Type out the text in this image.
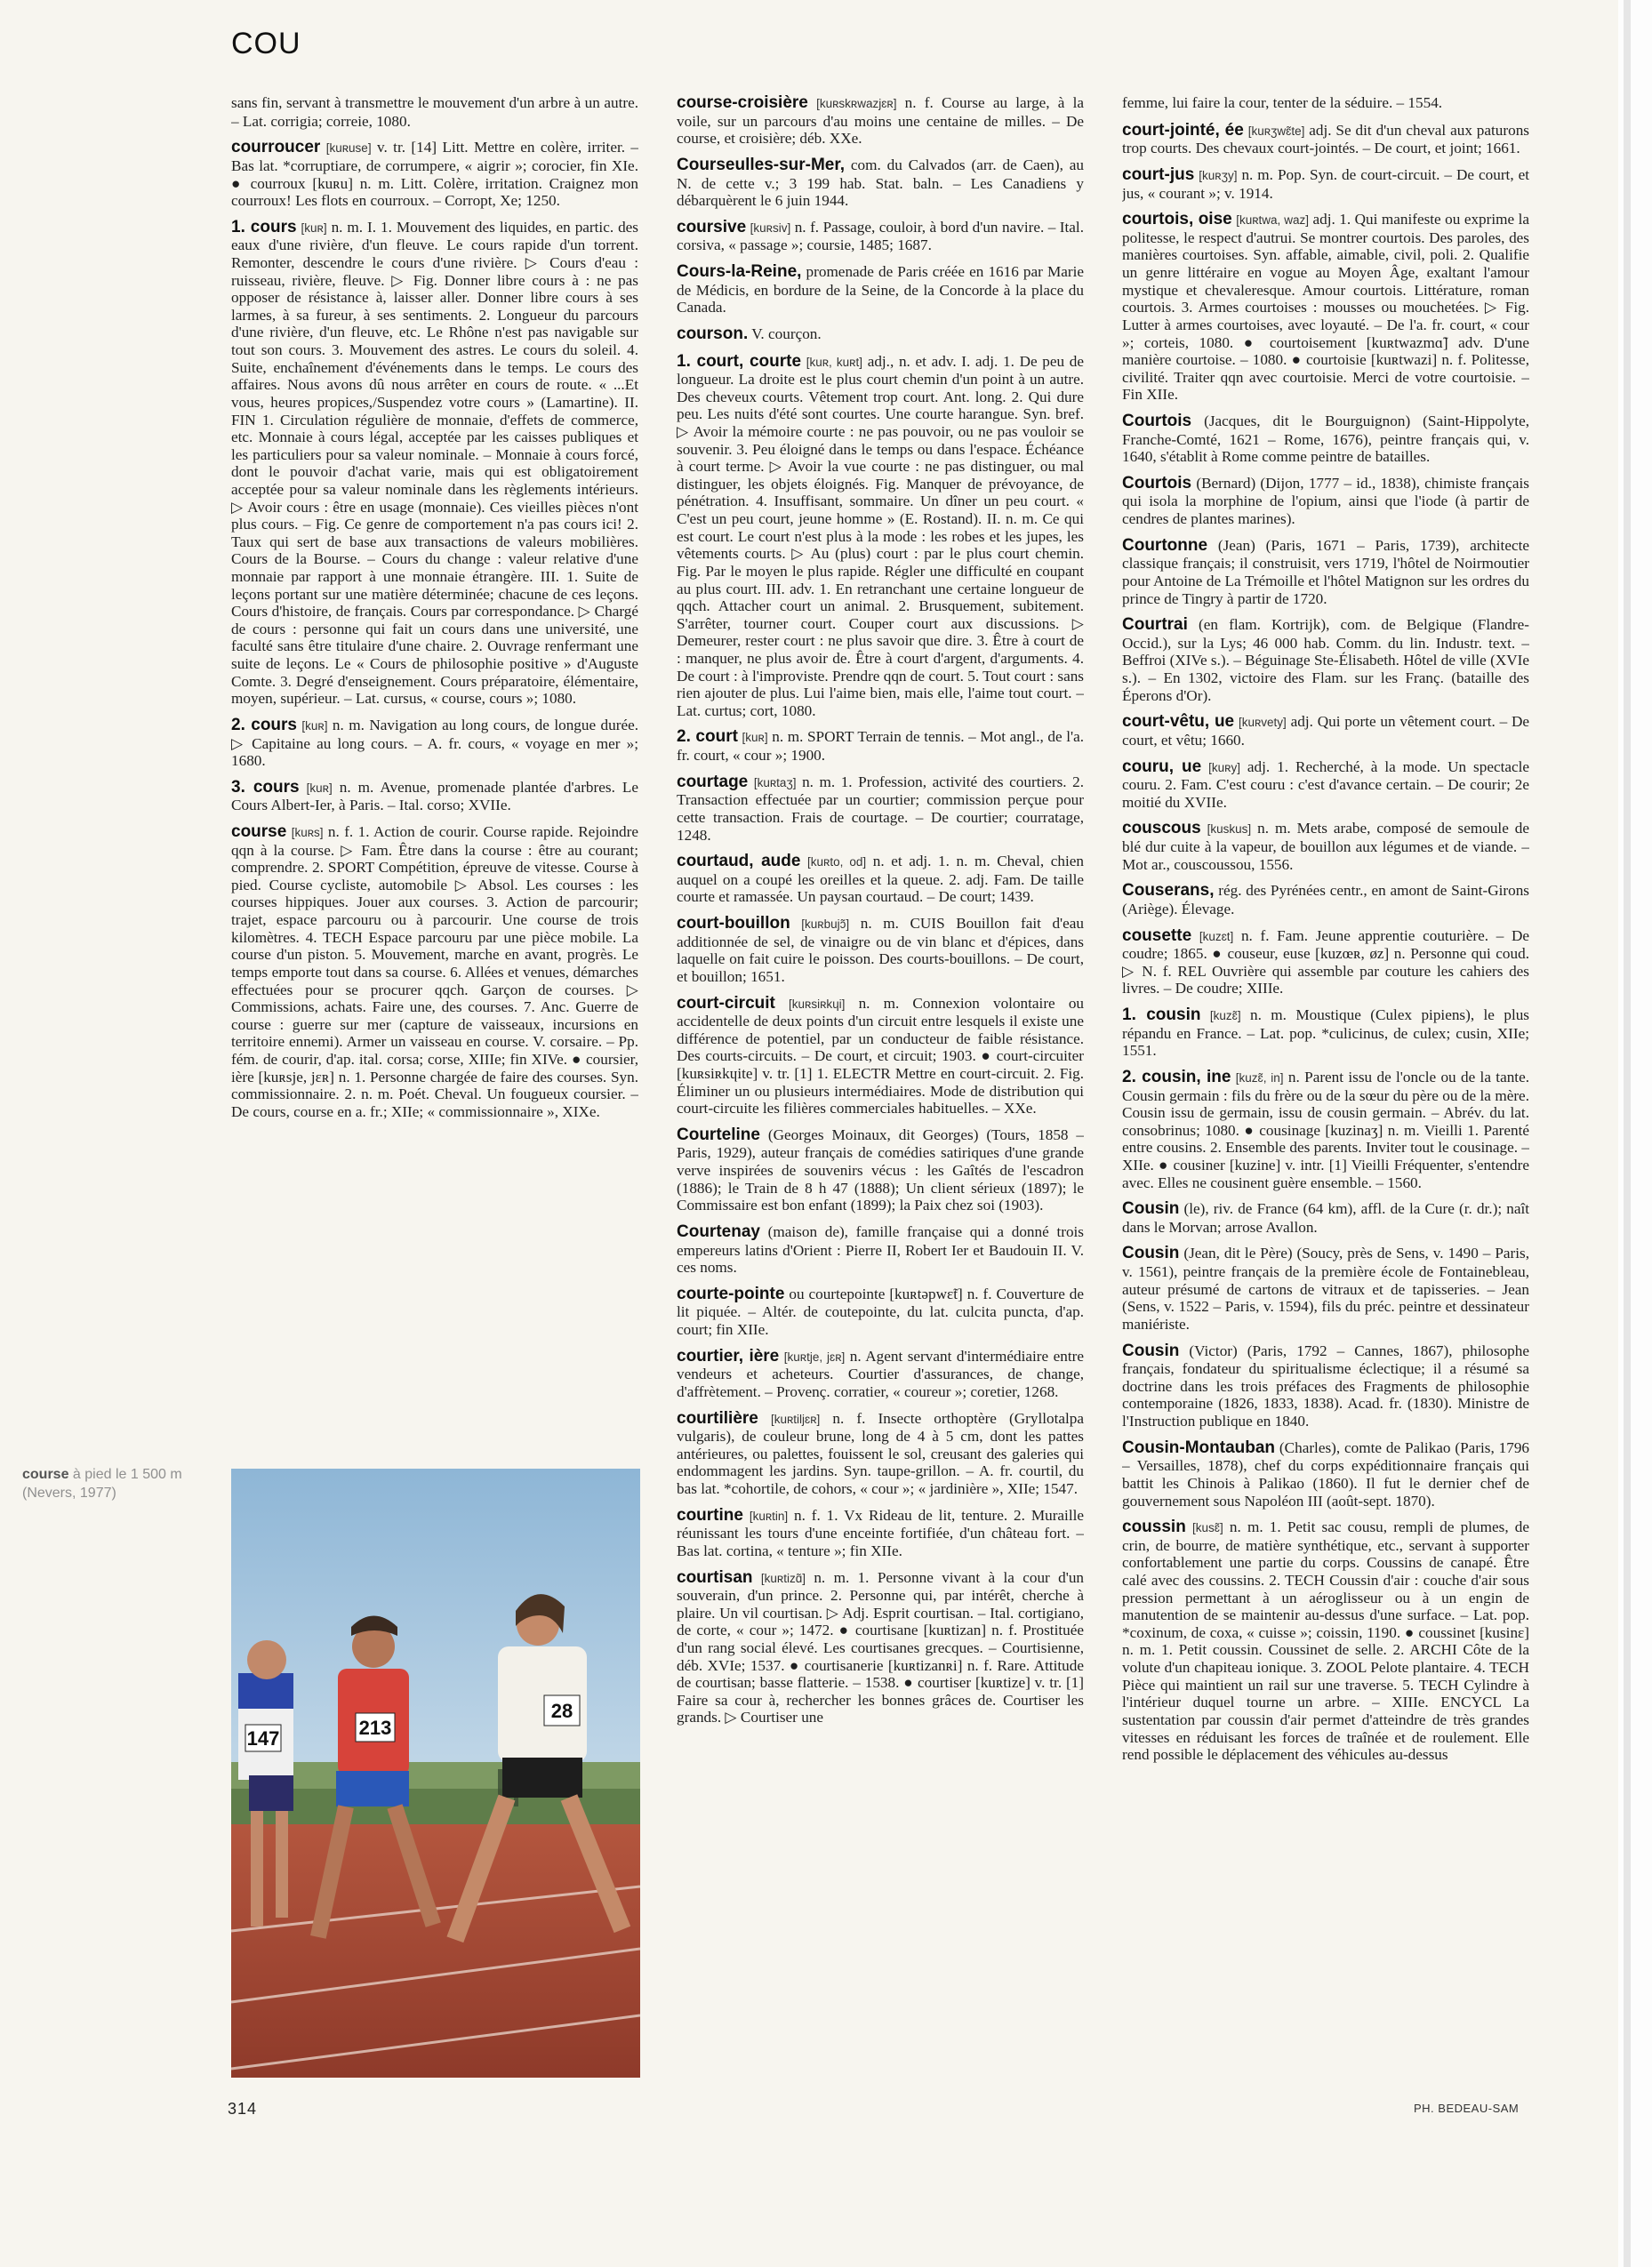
COU
sans fin, servant à transmettre le mouvement d'un arbre à un autre. – Lat. corrigia; correie, 1080.
courroucer [kuʀuse] v. tr. [14] Litt. Mettre en colère, irriter. – Bas lat. *corruptiare, de corrumpere, « aigrir »; corocier, fin XIe. ● courroux [kuʀu] n. m. Litt. Colère, irritation. Craignez mon courroux! Les flots en courroux. – Corropt, Xe; 1250.
1. cours [kuʀ] n. m. I. 1. Mouvement des liquides, en partic. des eaux d'une rivière, d'un fleuve. Le cours rapide d'un torrent. Remonter, descendre le cours d'une rivière. ▷ Cours d'eau : ruisseau, rivière, fleuve. ▷ Fig. Donner libre cours à : ne pas opposer de résistance à, laisser aller. Donner libre cours à ses larmes, à sa fureur, à ses sentiments. 2. Longueur du parcours d'une rivière, d'un fleuve, etc. Le Rhône n'est pas navigable sur tout son cours. 3. Mouvement des astres. Le cours du soleil. 4. Suite, enchaînement d'événements dans le temps. Le cours des affaires. Nous avons dû nous arrêter en cours de route. « ...Et vous, heures propices,/Suspendez votre cours » (Lamartine). II. FIN 1. Circulation régulière de monnaie, d'effets de commerce, etc. Monnaie à cours légal, acceptée par les caisses publiques et les particuliers pour sa valeur nominale. – Monnaie à cours forcé, dont le pouvoir d'achat varie, mais qui est obligatoirement acceptée pour sa valeur nominale dans les règlements intérieurs. ▷ Avoir cours : être en usage (monnaie). Ces vieilles pièces n'ont plus cours. – Fig. Ce genre de comportement n'a pas cours ici! 2. Taux qui sert de base aux transactions de valeurs mobilières. Cours de la Bourse. – Cours du change : valeur relative d'une monnaie par rapport à une monnaie étrangère. III. 1. Suite de leçons portant sur une matière déterminée; chacune de ces leçons. Cours d'histoire, de français. Cours par correspondance. ▷ Chargé de cours : personne qui fait un cours dans une université, une faculté sans être titulaire d'une chaire. 2. Ouvrage renfermant une suite de leçons. Le « Cours de philosophie positive » d'Auguste Comte. 3. Degré d'enseignement. Cours préparatoire, élémentaire, moyen, supérieur. – Lat. cursus, « course, cours »; 1080.
2. cours [kuʀ] n. m. Navigation au long cours, de longue durée. ▷ Capitaine au long cours. – A. fr. cours, « voyage en mer »; 1680.
3. cours [kuʀ] n. m. Avenue, promenade plantée d'arbres. Le Cours Albert-Ier, à Paris. – Ital. corso; XVIIe.
course [kuʀs] n. f. 1. Action de courir. Course rapide. Rejoindre qqn à la course. ▷ Fam. Être dans la course : être au courant; comprendre. 2. SPORT Compétition, épreuve de vitesse. Course à pied. Course cycliste, automobile ▷ Absol. Les courses : les courses hippiques. Jouer aux courses. 3. Action de parcourir; trajet, espace parcouru ou à parcourir. Une course de trois kilomètres. 4. TECH Espace parcouru par une pièce mobile. La course d'un piston. 5. Mouvement, marche en avant, progrès. Le temps emporte tout dans sa course. 6. Allées et venues, démarches effectuées pour se procurer qqch. Garçon de courses. ▷ Commissions, achats. Faire une, des courses. 7. Anc. Guerre de course : guerre sur mer (capture de vaisseaux, incursions en territoire ennemi). Armer un vaisseau en course. V. corsaire. – Pp. fém. de courir, d'ap. ital. corsa; corse, XIIIe; fin XIVe. ● coursier, ière [kuʀsje, jɛʀ] n. 1. Personne chargée de faire des courses. Syn. commissionnaire. 2. n. m. Poét. Cheval. Un fougueux coursier. – De cours, course en a. fr.; XIIe; « commissionnaire », XIXe.
course-croisière [kuʀskʀwazjɛʀ] n. f. Course au large, à la voile, sur un parcours d'au moins une centaine de milles. – De course, et croisière; déb. XXe.
Courseulles-sur-Mer, com. du Calvados (arr. de Caen), au N. de cette v.; 3 199 hab. Stat. baln. – Les Canadiens y débarquèrent le 6 juin 1944.
coursive [kuʀsiv] n. f. Passage, couloir, à bord d'un navire. – Ital. corsiva, « passage »; coursie, 1485; 1687.
Cours-la-Reine, promenade de Paris créée en 1616 par Marie de Médicis, en bordure de la Seine, de la Concorde à la place du Canada.
courson. V. courçon.
1. court, courte [kuʀ, kuʀt] adj., n. et adv. I. adj. 1. De peu de longueur. La droite est le plus court chemin d'un point à un autre. Des cheveux courts. Vêtement trop court. Ant. long. 2. Qui dure peu. Les nuits d'été sont courtes. Une courte harangue. Syn. bref. ▷ Avoir la mémoire courte : ne pas pouvoir, ou ne pas vouloir se souvenir. 3. Peu éloigné dans le temps ou dans l'espace. Échéance à court terme. ▷ Avoir la vue courte : ne pas distinguer, ou mal distinguer, les objets éloignés. Fig. Manquer de prévoyance, de pénétration. 4. Insuffisant, sommaire. Un dîner un peu court. « C'est un peu court, jeune homme » (E. Rostand). II. n. m. Ce qui est court. Le court n'est plus à la mode : les robes et les jupes, les vêtements courts. ▷ Au (plus) court : par le plus court chemin. Fig. Par le moyen le plus rapide. Régler une difficulté en coupant au plus court. III. adv. 1. En retranchant une certaine longueur de qqch. Attacher court un animal. 2. Brusquement, subitement. S'arrêter, tourner court. Couper court aux discussions. ▷ Demeurer, rester court : ne plus savoir que dire. 3. Être à court de : manquer, ne plus avoir de. Être à court d'argent, d'arguments. 4. De court : à l'improviste. Prendre qqn de court. 5. Tout court : sans rien ajouter de plus. Lui l'aime bien, mais elle, l'aime tout court. – Lat. curtus; cort, 1080.
2. court [kuʀ] n. m. SPORT Terrain de tennis. – Mot angl., de l'a. fr. court, « cour »; 1900.
courtage [kuʀtaʒ] n. m. 1. Profession, activité des courtiers. 2. Transaction effectuée par un courtier; commission perçue pour cette transaction. Frais de courtage. – De courtier; courratage, 1248.
courtaud, aude [kuʀto, od] n. et adj. 1. n. m. Cheval, chien auquel on a coupé les oreilles et la queue. 2. adj. Fam. De taille courte et ramassée. Un paysan courtaud. – De court; 1439.
court-bouillon [kuʀbujɔ̃] n. m. CUIS Bouillon fait d'eau additionnée de sel, de vinaigre ou de vin blanc et d'épices, dans laquelle on fait cuire le poisson. Des courts-bouillons. – De court, et bouillon; 1651.
court-circuit [kuʀsiʀkɥi] n. m. Connexion volontaire ou accidentelle de deux points d'un circuit entre lesquels il existe une différence de potentiel, par un conducteur de faible résistance. Des courts-circuits. – De court, et circuit; 1903. ● court-circuiter [kuʀsiʀkɥite] v. tr. [1] 1. ELECTR Mettre en court-circuit. 2. Fig. Éliminer un ou plusieurs intermédiaires. Mode de distribution qui court-circuite les filières commerciales habituelles. – XXe.
Courteline (Georges Moinaux, dit Georges) (Tours, 1858 – Paris, 1929), auteur français de comédies satiriques d'une grande verve inspirées de souvenirs vécus : les Gaîtés de l'escadron (1886); le Train de 8 h 47 (1888); Un client sérieux (1897); le Commissaire est bon enfant (1899); la Paix chez soi (1903).
Courtenay (maison de), famille française qui a donné trois empereurs latins d'Orient : Pierre II, Robert Ier et Baudouin II. V. ces noms.
courte-pointe ou courtepointe [kuʀtəpwɛ̃t] n. f. Couverture de lit piquée. – Altér. de coutepointe, du lat. culcita puncta, d'ap. court; fin XIIe.
courtier, ière [kuʀtje, jɛʀ] n. Agent servant d'intermédiaire entre vendeurs et acheteurs. Courtier d'assurances, de change, d'affrètement. – Provenç. corratier, « coureur »; coretier, 1268.
courtilière [kuʀtiljɛʀ] n. f. Insecte orthoptère (Gryllotalpa vulgaris), de couleur brune, long de 4 à 5 cm, dont les pattes antérieures, ou palettes, fouissent le sol, creusant des galeries qui endommagent les jardins. Syn. taupe-grillon. – A. fr. courtil, du bas lat. *cohortile, de cohors, « cour »; « jardinière », XIIe; 1547.
courtine [kuʀtin] n. f. 1. Vx Rideau de lit, tenture. 2. Muraille réunissant les tours d'une enceinte fortifiée, d'un château fort. – Bas lat. cortina, « tenture »; fin XIIe.
courtisan [kuʀtizɑ̃] n. m. 1. Personne vivant à la cour d'un souverain, d'un prince. 2. Personne qui, par intérêt, cherche à plaire. Un vil courtisan. ▷ Adj. Esprit courtisan. – Ital. cortigiano, de corte, « cour »; 1472. ● courtisane [kuʀtizan] n. f. Prostituée d'un rang social élevé. Les courtisanes grecques. – Courtisienne, déb. XVIe; 1537. ● courtisanerie [kuʀtizanʀi] n. f. Rare. Attitude de courtisan; basse flatterie. – 1538. ● courtiser [kuʀtize] v. tr. [1] Faire sa cour à, rechercher les bonnes grâces de. Courtiser les grands. ▷ Courtiser une
femme, lui faire la cour, tenter de la séduire. – 1554.
court-jointé, ée [kuʀʒwɛ̃te] adj. Se dit d'un cheval aux paturons trop courts. Des chevaux court-jointés. – De court, et joint; 1661.
court-jus [kuʀʒy] n. m. Pop. Syn. de court-circuit. – De court, et jus, « courant »; v. 1914.
courtois, oise [kuʀtwa, waz] adj. 1. Qui manifeste ou exprime la politesse, le respect d'autrui. Se montrer courtois. Des paroles, des manières courtoises. Syn. affable, aimable, civil, poli. 2. Qualifie un genre littéraire en vogue au Moyen Âge, exaltant l'amour mystique et chevaleresque. Amour courtois. Littérature, roman courtois. 3. Armes courtoises : mousses ou mouchetées. ▷ Fig. Lutter à armes courtoises, avec loyauté. – De l'a. fr. court, « cour »; corteis, 1080. ● courtoisement [kuʀtwazmɑ̃] adv. D'une manière courtoise. – 1080. ● courtoisie [kuʀtwazi] n. f. Politesse, civilité. Traiter qqn avec courtoisie. Merci de votre courtoisie. – Fin XIIe.
Courtois (Jacques, dit le Bourguignon) (Saint-Hippolyte, Franche-Comté, 1621 – Rome, 1676), peintre français qui, v. 1640, s'établit à Rome comme peintre de batailles.
Courtois (Bernard) (Dijon, 1777 – id., 1838), chimiste français qui isola la morphine de l'opium, ainsi que l'iode (à partir de cendres de plantes marines).
Courtonne (Jean) (Paris, 1671 – Paris, 1739), architecte classique français; il construisit, vers 1719, l'hôtel de Noirmoutier pour Antoine de La Trémoille et l'hôtel Matignon sur les ordres du prince de Tingry à partir de 1720.
Courtrai (en flam. Kortrijk), com. de Belgique (Flandre-Occid.), sur la Lys; 46 000 hab. Comm. du lin. Industr. text. – Beffroi (XIVe s.). – Béguinage Ste-Élisabeth. Hôtel de ville (XVIe s.). – En 1302, victoire des Flam. sur les Franç. (bataille des Éperons d'Or).
court-vêtu, ue [kuʀvety] adj. Qui porte un vêtement court. – De court, et vêtu; 1660.
couru, ue [kuʀy] adj. 1. Recherché, à la mode. Un spectacle couru. 2. Fam. C'est couru : c'est d'avance certain. – De courir; 2e moitié du XVIIe.
couscous [kuskus] n. m. Mets arabe, composé de semoule de blé dur cuite à la vapeur, de bouillon aux légumes et de viande. – Mot ar., couscoussou, 1556.
Couserans, rég. des Pyrénées centr., en amont de Saint-Girons (Ariège). Élevage.
cousette [kuzɛt] n. f. Fam. Jeune apprentie couturière. – De coudre; 1865. ● couseur, euse [kuzœʀ, øz] n. Personne qui coud. ▷ N. f. REL Ouvrière qui assemble par couture les cahiers des livres. – De coudre; XIIIe.
1. cousin [kuzɛ̃] n. m. Moustique (Culex pipiens), le plus répandu en France. – Lat. pop. *culicinus, de culex; cusin, XIIe; 1551.
2. cousin, ine [kuzɛ̃, in] n. Parent issu de l'oncle ou de la tante. Cousin germain : fils du frère ou de la sœur du père ou de la mère. Cousin issu de germain, issu de cousin germain. – Abrév. du lat. consobrinus; 1080. ● cousinage [kuzinaʒ] n. m. Vieilli 1. Parenté entre cousins. 2. Ensemble des parents. Inviter tout le cousinage. – XIIe. ● cousiner [kuzine] v. intr. [1] Vieilli Fréquenter, s'entendre avec. Elles ne cousinent guère ensemble. – 1560.
Cousin (le), riv. de France (64 km), affl. de la Cure (r. dr.); naît dans le Morvan; arrose Avallon.
Cousin (Jean, dit le Père) (Soucy, près de Sens, v. 1490 – Paris, v. 1561), peintre français de la première école de Fontainebleau, auteur présumé de cartons de vitraux et de tapisseries. – Jean (Sens, v. 1522 – Paris, v. 1594), fils du préc. peintre et dessinateur maniériste.
Cousin (Victor) (Paris, 1792 – Cannes, 1867), philosophe français, fondateur du spiritualisme éclectique; il a résumé sa doctrine dans les trois préfaces des Fragments de philosophie contemporaine (1826, 1833, 1838). Acad. fr. (1830). Ministre de l'Instruction publique en 1840.
Cousin-Montauban (Charles), comte de Palikao (Paris, 1796 – Versailles, 1878), chef du corps expéditionnaire français qui battit les Chinois à Palikao (1860). Il fut le dernier chef de gouvernement sous Napoléon III (août-sept. 1870).
coussin [kusɛ̃] n. m. 1. Petit sac cousu, rempli de plumes, de crin, de bourre, de matière synthétique, etc., servant à supporter confortablement une partie du corps. Coussins de canapé. Être calé avec des coussins. 2. TECH Coussin d'air : couche d'air sous pression permettant à un aéroglisseur ou à un engin de manutention de se maintenir au-dessus d'une surface. – Lat. pop. *coxinum, de coxa, « cuisse »; coissin, 1190. ● coussinet [kusinɛ] n. m. 1. Petit coussin. Coussinet de selle. 2. ARCHI Côte de la volute d'un chapiteau ionique. 3. ZOOL Pelote plantaire. 4. TECH Pièce qui maintient un rail sur une traverse. 5. TECH Cylindre à l'intérieur duquel tourne un arbre. – XIIIe. ENCYCL La sustentation par coussin d'air permet d'atteindre de très grandes vitesses en réduisant les forces de traînée et de roulement. Elle rend possible le déplacement des véhicules au-dessus
course à pied le 1 500 m (Nevers, 1977)
147	213
28
314	PH. BEDEAU-SAM
